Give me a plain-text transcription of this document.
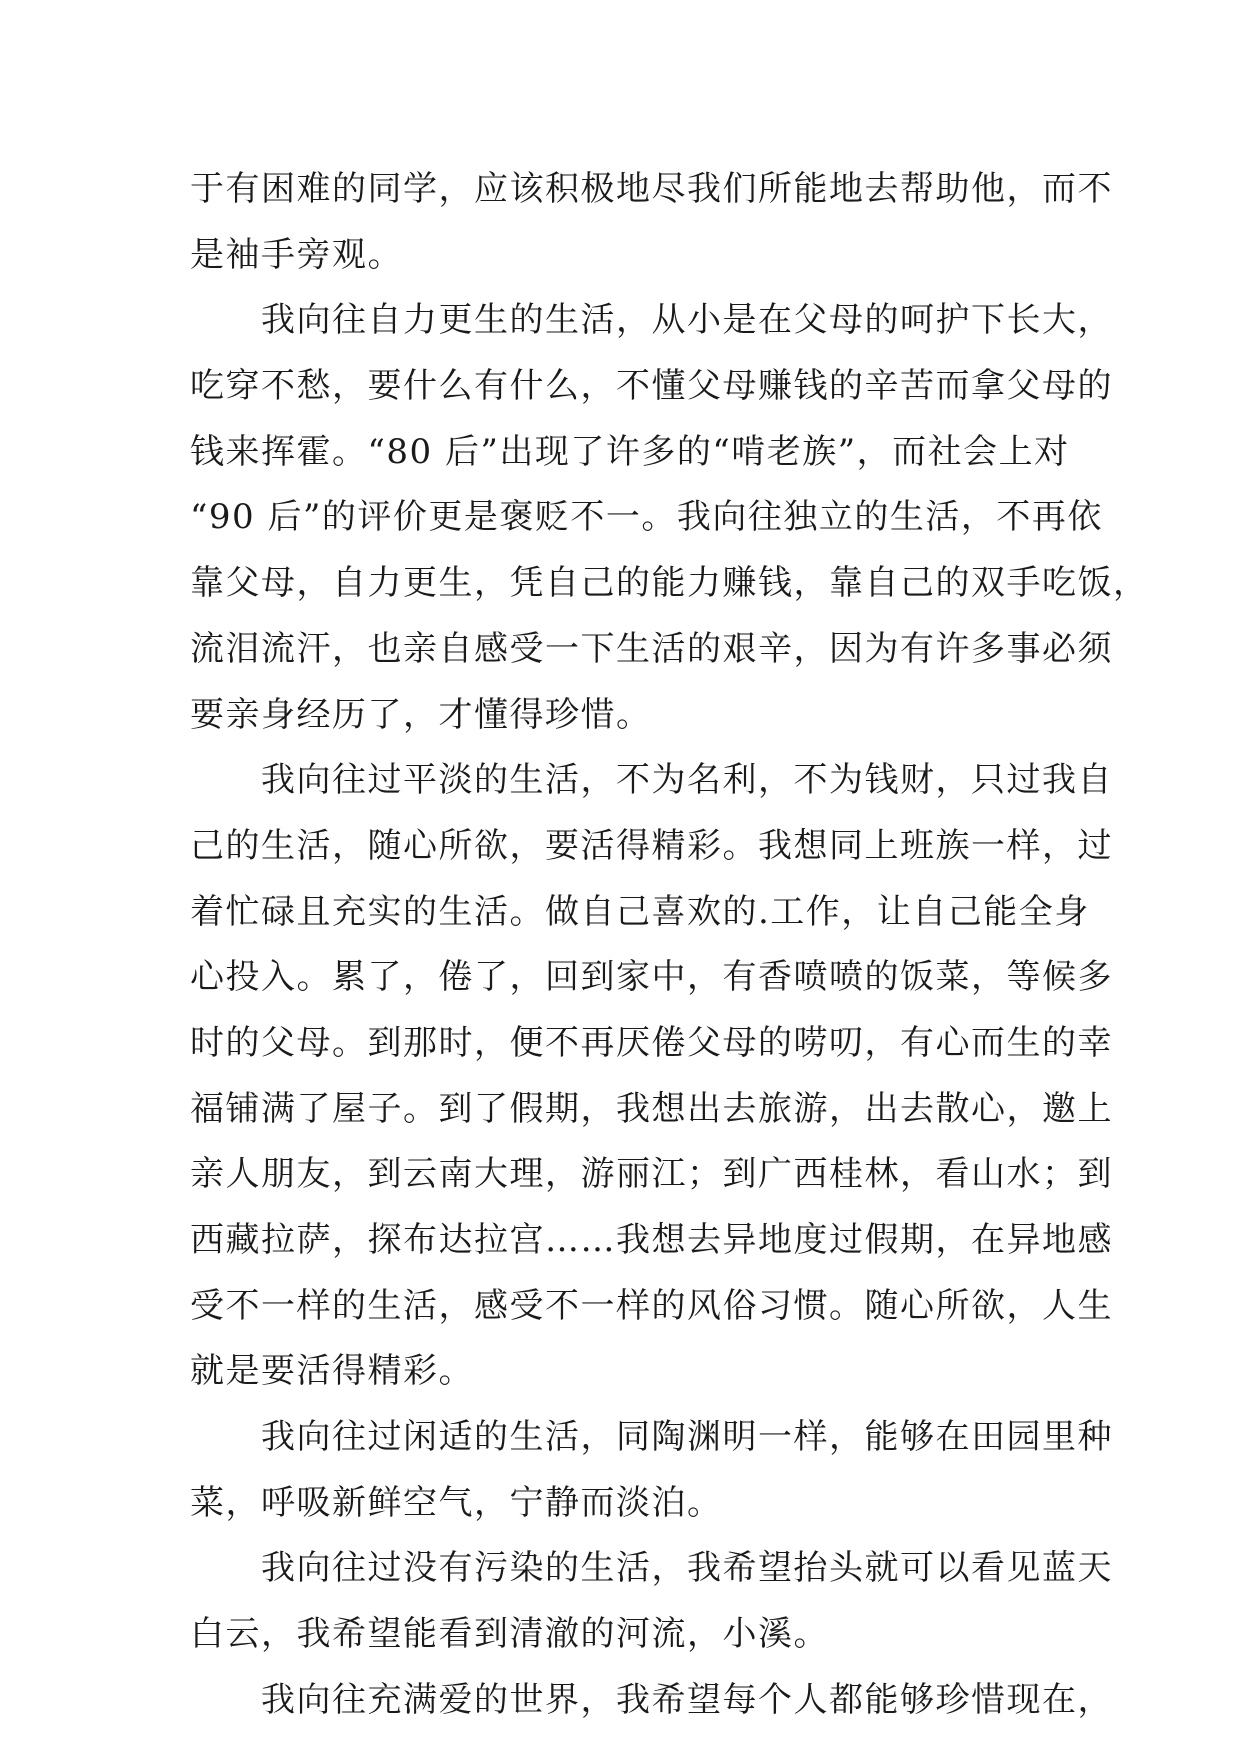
于有困难的同学，应该积极地尽我们所能地去帮助他，而不
是袖手旁观。
　　我向往自力更生的生活，从小是在父母的呵护下长大，
吃穿不愁，要什么有什么，不懂父母赚钱的辛苦而拿父母的
钱来挥霍。“80 后”出现了许多的“啃老族”，而社会上对
“90 后”的评价更是褒贬不一。我向往独立的生活，不再依
靠父母，自力更生，凭自己的能力赚钱，靠自己的双手吃饭，
流泪流汗，也亲自感受一下生活的艰辛，因为有许多事必须
要亲身经历了，才懂得珍惜。
　　我向往过平淡的生活，不为名利，不为钱财，只过我自
己的生活，随心所欲，要活得精彩。我想同上班族一样，过
着忙碌且充实的生活。做自己喜欢的.工作，让自己能全身
心投入。累了，倦了，回到家中，有香喷喷的饭菜，等候多
时的父母。到那时，便不再厌倦父母的唠叨，有心而生的幸
福铺满了屋子。到了假期，我想出去旅游，出去散心，邀上
亲人朋友，到云南大理，游丽江；到广西桂林，看山水；到
西藏拉萨，探布达拉宫……我想去异地度过假期，在异地感
受不一样的生活，感受不一样的风俗习惯。随心所欲，人生
就是要活得精彩。
　　我向往过闲适的生活，同陶渊明一样，能够在田园里种
菜，呼吸新鲜空气，宁静而淡泊。
　　我向往过没有污染的生活，我希望抬头就可以看见蓝天
白云，我希望能看到清澈的河流，小溪。
　　我向往充满爱的世界，我希望每个人都能够珍惜现在，
